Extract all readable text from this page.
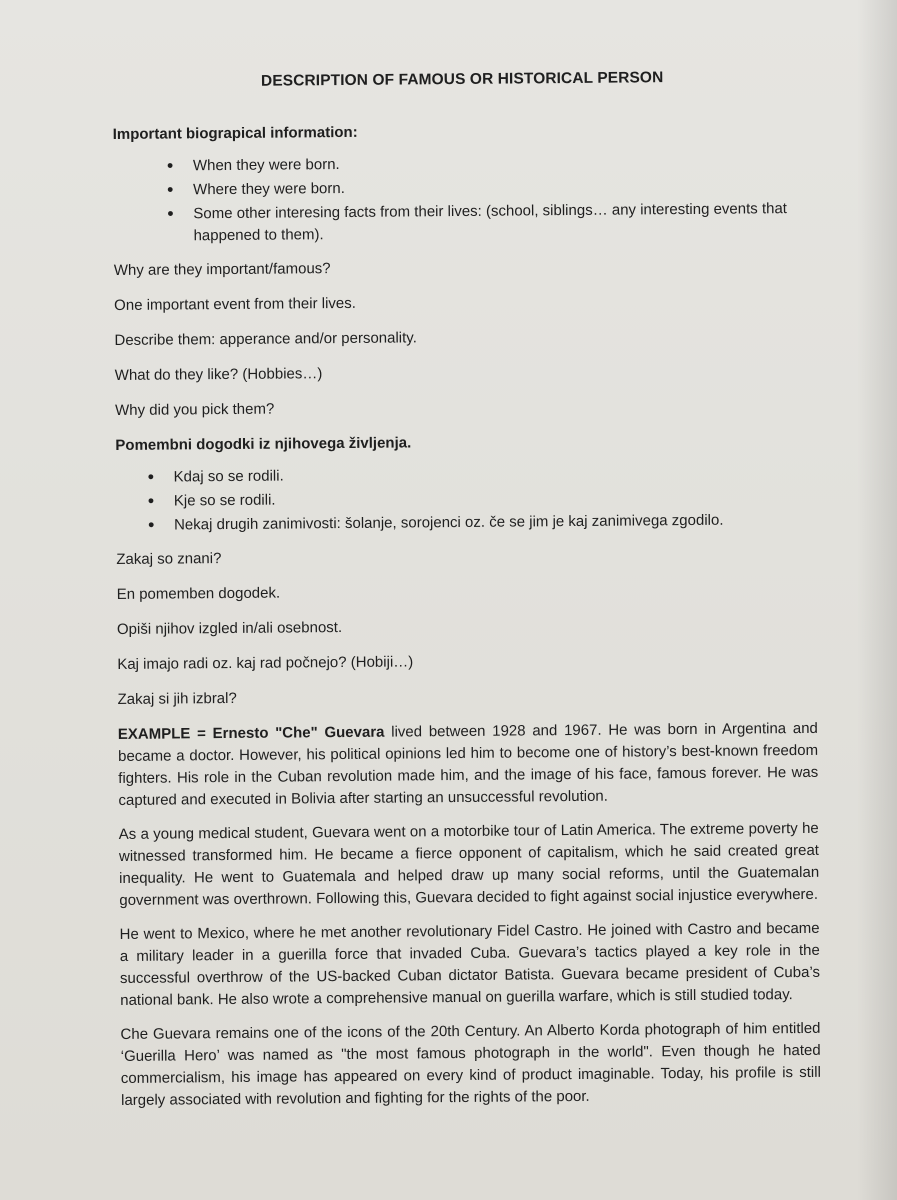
DESCRIPTION OF FAMOUS OR HISTORICAL PERSON
Important biograpical information:
• When they were born.
• Where they were born.
• Some other interesing facts from their lives: (school, siblings… any interesting events that happened to them).
Why are they important/famous?
One important event from their lives.
Describe them: apperance and/or personality.
What do they like? (Hobbies…)
Why did you pick them?
Pomembni dogodki iz njihovega življenja.
• Kdaj so se rodili.
• Kje so se rodili.
• Nekaj drugih zanimivosti: šolanje, sorojenci oz. če se jim je kaj zanimivega zgodilo.
Zakaj so znani?
En pomemben dogodek.
Opiši njihov izgled in/ali osebnost.
Kaj imajo radi oz. kaj rad počnejo? (Hobiji…)
Zakaj si jih izbral?
EXAMPLE = Ernesto "Che" Guevara lived between 1928 and 1967. He was born in Argentina and became a doctor. However, his political opinions led him to become one of history’s best-known freedom fighters. His role in the Cuban revolution made him, and the image of his face, famous forever. He was captured and executed in Bolivia after starting an unsuccessful revolution.
As a young medical student, Guevara went on a motorbike tour of Latin America. The extreme poverty he witnessed transformed him. He became a fierce opponent of capitalism, which he said created great inequality. He went to Guatemala and helped draw up many social reforms, until the Guatemalan government was overthrown. Following this, Guevara decided to fight against social injustice everywhere.
He went to Mexico, where he met another revolutionary Fidel Castro. He joined with Castro and became a military leader in a guerilla force that invaded Cuba. Guevara’s tactics played a key role in the successful overthrow of the US-backed Cuban dictator Batista. Guevara became president of Cuba’s national bank. He also wrote a comprehensive manual on guerilla warfare, which is still studied today.
Che Guevara remains one of the icons of the 20th Century. An Alberto Korda photograph of him entitled ‘Guerilla Hero’ was named as "the most famous photograph in the world". Even though he hated commercialism, his image has appeared on every kind of product imaginable. Today, his profile is still largely associated with revolution and fighting for the rights of the poor.
